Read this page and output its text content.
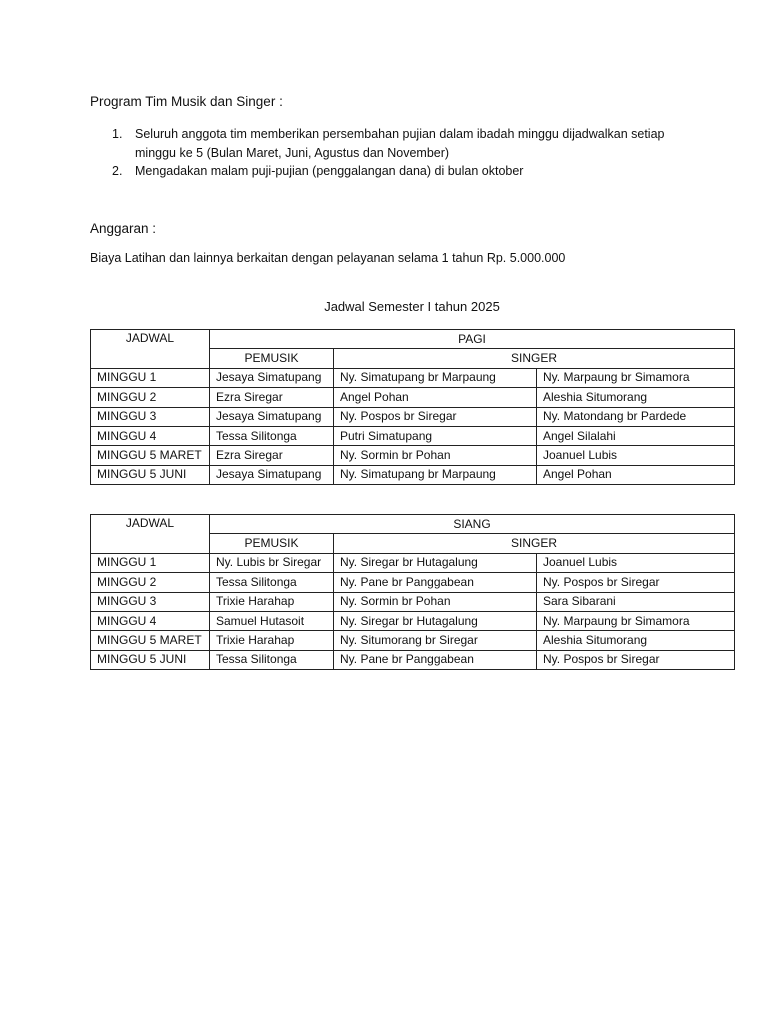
Program Tim Musik dan Singer :
1. Seluruh anggota tim memberikan persembahan pujian dalam ibadah minggu dijadwalkan setiap minggu ke 5 (Bulan Maret, Juni, Agustus dan November)
2. Mengadakan malam puji-pujian (penggalangan dana) di bulan oktober
Anggaran :
Biaya Latihan dan lainnya berkaitan dengan pelayanan selama 1 tahun Rp. 5.000.000
Jadwal Semester I tahun 2025
JADWAL	PAGI		
	PEMUSIK	SINGER	
MINGGU 1	Jesaya Simatupang	Ny. Simatupang br Marpaung	Ny. Marpaung br Simamora
MINGGU 2	Ezra Siregar	Angel Pohan	Aleshia Situmorang
MINGGU 3	Jesaya Simatupang	Ny. Pospos br Siregar	Ny. Matondang br Pardede
MINGGU 4	Tessa Silitonga	Putri Simatupang	Angel Silalahi
MINGGU 5 MARET	Ezra Siregar	Ny. Sormin br Pohan	Joanuel Lubis
MINGGU 5 JUNI	Jesaya Simatupang	Ny. Simatupang br Marpaung	Angel Pohan
JADWAL	SIANG		
	PEMUSIK	SINGER	
MINGGU 1	Ny. Lubis br Siregar	Ny. Siregar br Hutagalung	Joanuel Lubis
MINGGU 2	Tessa Silitonga	Ny. Pane br Panggabean	Ny. Pospos br Siregar
MINGGU 3	Trixie Harahap	Ny. Sormin br Pohan	Sara Sibarani
MINGGU 4	Samuel Hutasoit	Ny. Siregar br Hutagalung	Ny. Marpaung br Simamora
MINGGU 5 MARET	Trixie Harahap	Ny. Situmorang br Siregar	Aleshia Situmorang
MINGGU 5 JUNI	Tessa Silitonga	Ny. Pane br Panggabean	Ny. Pospos br Siregar
